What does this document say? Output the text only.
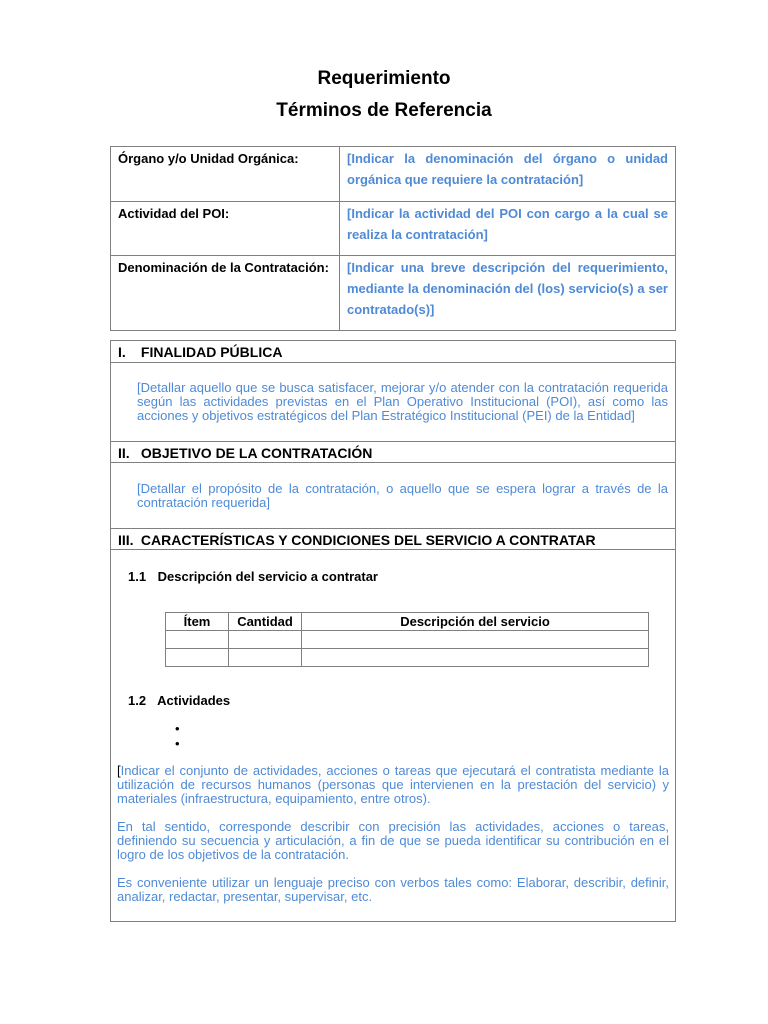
Requerimiento
Términos de Referencia
Órgano y/o Unidad Orgánica:	[Indicar la denominación del órgano o unidad orgánica que requiere la contratación]
Actividad del POI:	[Indicar la actividad del POI con cargo a la cual se realiza la contratación]
Denominación de la Contratación:	[Indicar una breve descripción del requerimiento, mediante la denominación del (los) servicio(s) a ser contratado(s)]
I. FINALIDAD PÚBLICA
[Detallar aquello que se busca satisfacer, mejorar y/o atender con la contratación requerida según las actividades previstas en el Plan Operativo Institucional (POI), así como las acciones y objetivos estratégicos del Plan Estratégico Institucional (PEI) de la Entidad]
II. OBJETIVO DE LA CONTRATACIÓN
[Detallar el propósito de la contratación, o aquello que se espera lograr a través de la contratación requerida]
III. CARACTERÍSTICAS Y CONDICIONES DEL SERVICIO A CONTRATAR
1.1 Descripción del servicio a contratar
Ítem	Cantidad	Descripción del servicio

1.2 Actividades
•
•
[Indicar el conjunto de actividades, acciones o tareas que ejecutará el contratista mediante la utilización de recursos humanos (personas que intervienen en la prestación del servicio) y materiales (infraestructura, equipamiento, entre otros).
En tal sentido, corresponde describir con precisión las actividades, acciones o tareas, definiendo su secuencia y articulación, a fin de que se pueda identificar su contribución en el logro de los objetivos de la contratación.
Es conveniente utilizar un lenguaje preciso con verbos tales como: Elaborar, describir, definir, analizar, redactar, presentar, supervisar, etc.
